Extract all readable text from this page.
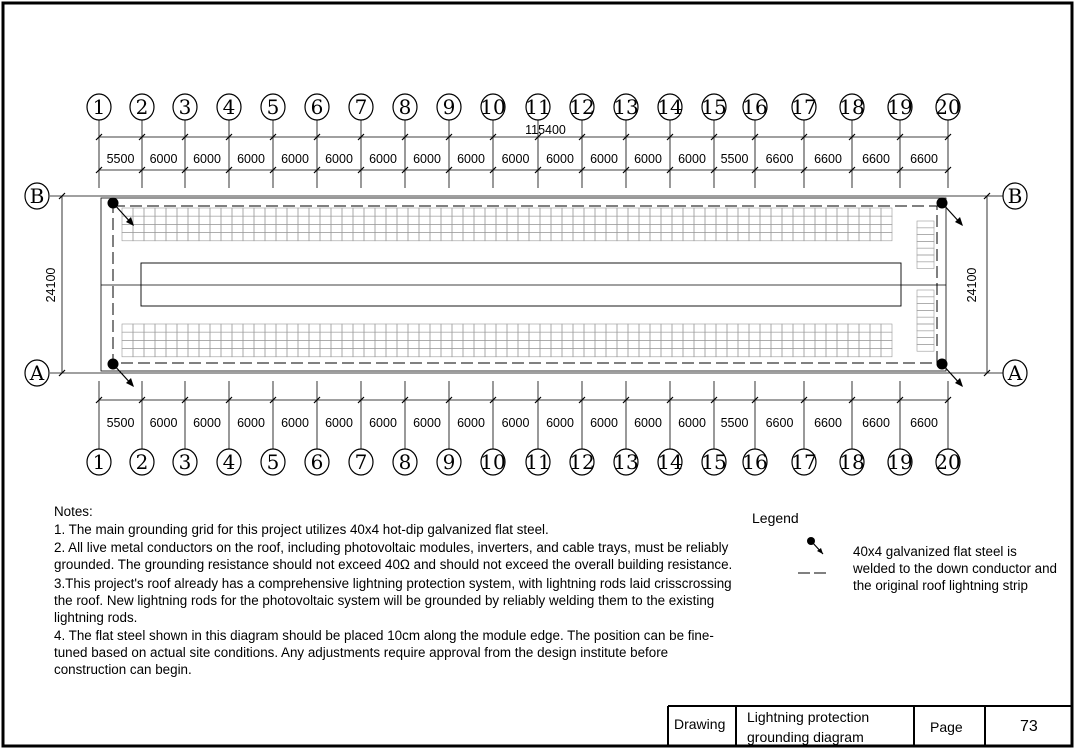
1
1
2
2
3
3
4
4
5
5
6
6
7
7
8
8
9
9
10
10
11
11
12
12
13
13
14
14
15
15
16
16
17
17
18
18
19
19
20
20
115400
5500
5500
6000
6000
6000
6000
6000
6000
6000
6000
6000
6000
6000
6000
6000
6000
6000
6000
6000
6000
6000
6000
6000
6000
6000
6000
6000
6000
5500
5500
6600
6600
6600
6600
6600
6600
6600
6600
B	B
A	A
24100	24100

Notes:

1. The main grounding grid for this project utilizes 40x4 hot-dip galvanized flat steel.

2. All live metal conductors on the roof, including photovoltaic modules, inverters, and cable trays, must be reliably grounded. The grounding resistance should not exceed 40Ω and should not exceed the overall building resistance.

3.This project's roof already has a comprehensive lightning protection system, with lightning rods laid crisscrossing the roof. New lightning rods for the photovoltaic system will be grounded by reliably welding them to the existing lightning rods.

4. The flat steel shown in this diagram should be placed 10cm along the module edge. The position can be fine-tuned based on actual site conditions. Any adjustments require approval from the design institute before construction can begin.

Legend
40x4 galvanized flat steel is welded to the down conductor and the original roof lightning strip
Drawing Lightning protection grounding diagram
Page	73
